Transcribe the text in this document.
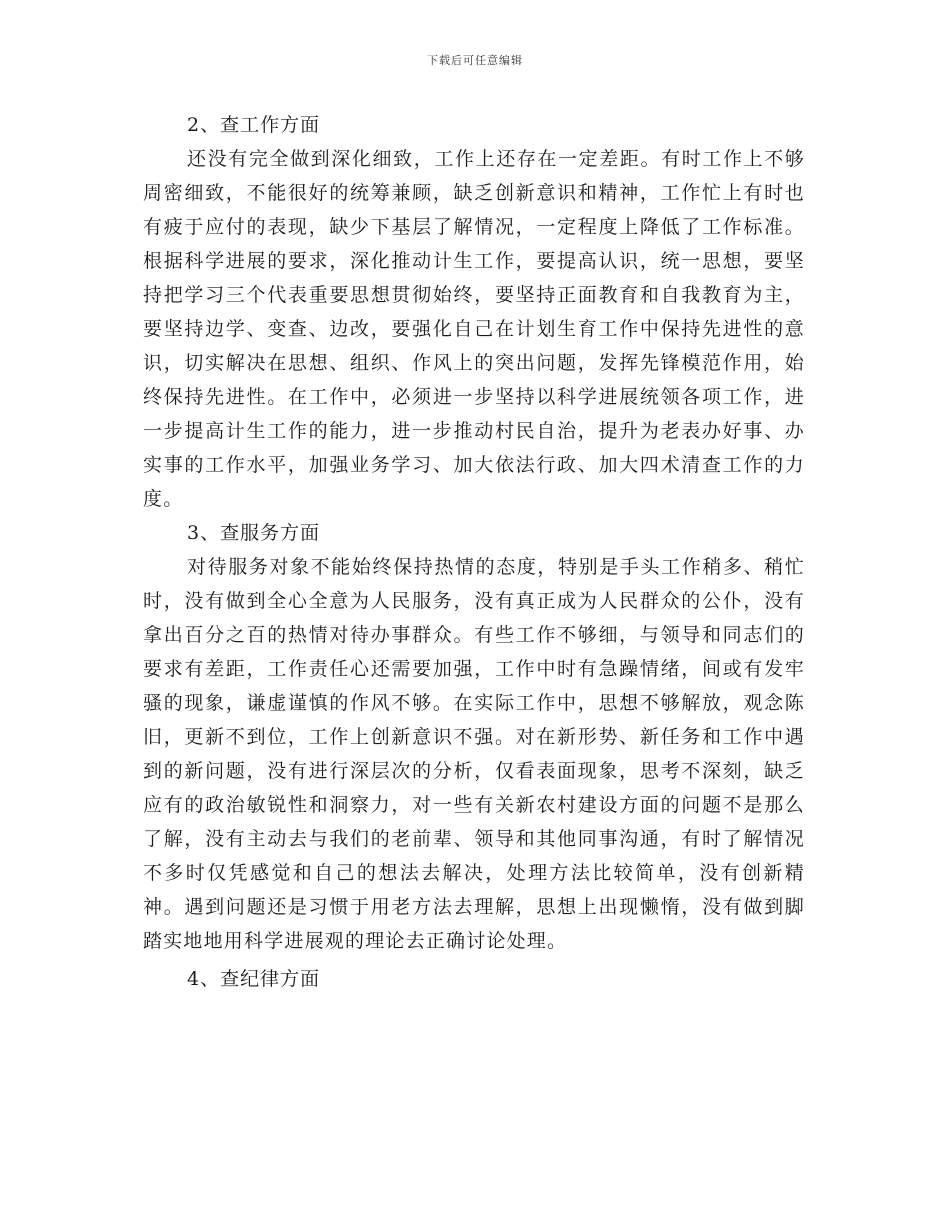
下载后可任意编辑

2、查工作方面

还没有完全做到深化细致，工作上还存在一定差距。有时工作上不够周密细致，不能很好的统筹兼顾，缺乏创新意识和精神，工作忙上有时也有疲于应付的表现，缺少下基层了解情况，一定程度上降低了工作标准。根据科学进展的要求，深化推动计生工作，要提高认识，统一思想，要坚持把学习三个代表重要思想贯彻始终，要坚持正面教育和自我教育为主，要坚持边学、变查、边改，要强化自己在计划生育工作中保持先进性的意识，切实解决在思想、组织、作风上的突出问题，发挥先锋模范作用，始终保持先进性。在工作中，必须进一步坚持以科学进展统领各项工作，进一步提高计生工作的能力，进一步推动村民自治，提升为老表办好事、办实事的工作水平，加强业务学习、加大依法行政、加大四术清查工作的力度。

3、查服务方面

对待服务对象不能始终保持热情的态度，特别是手头工作稍多、稍忙时，没有做到全心全意为人民服务，没有真正成为人民群众的公仆，没有拿出百分之百的热情对待办事群众。有些工作不够细，与领导和同志们的要求有差距，工作责任心还需要加强，工作中时有急躁情绪，间或有发牢骚的现象，谦虚谨慎的作风不够。在实际工作中，思想不够解放，观念陈旧，更新不到位，工作上创新意识不强。对在新形势、新任务和工作中遇到的新问题，没有进行深层次的分析，仅看表面现象，思考不深刻，缺乏应有的政治敏锐性和洞察力，对一些有关新农村建设方面的问题不是那么了解，没有主动去与我们的老前辈、领导和其他同事沟通，有时了解情况不多时仅凭感觉和自己的想法去解决，处理方法比较简单，没有创新精神。遇到问题还是习惯于用老方法去理解，思想上出现懒惰，没有做到脚踏实地地用科学进展观的理论去正确讨论处理。

4、查纪律方面
